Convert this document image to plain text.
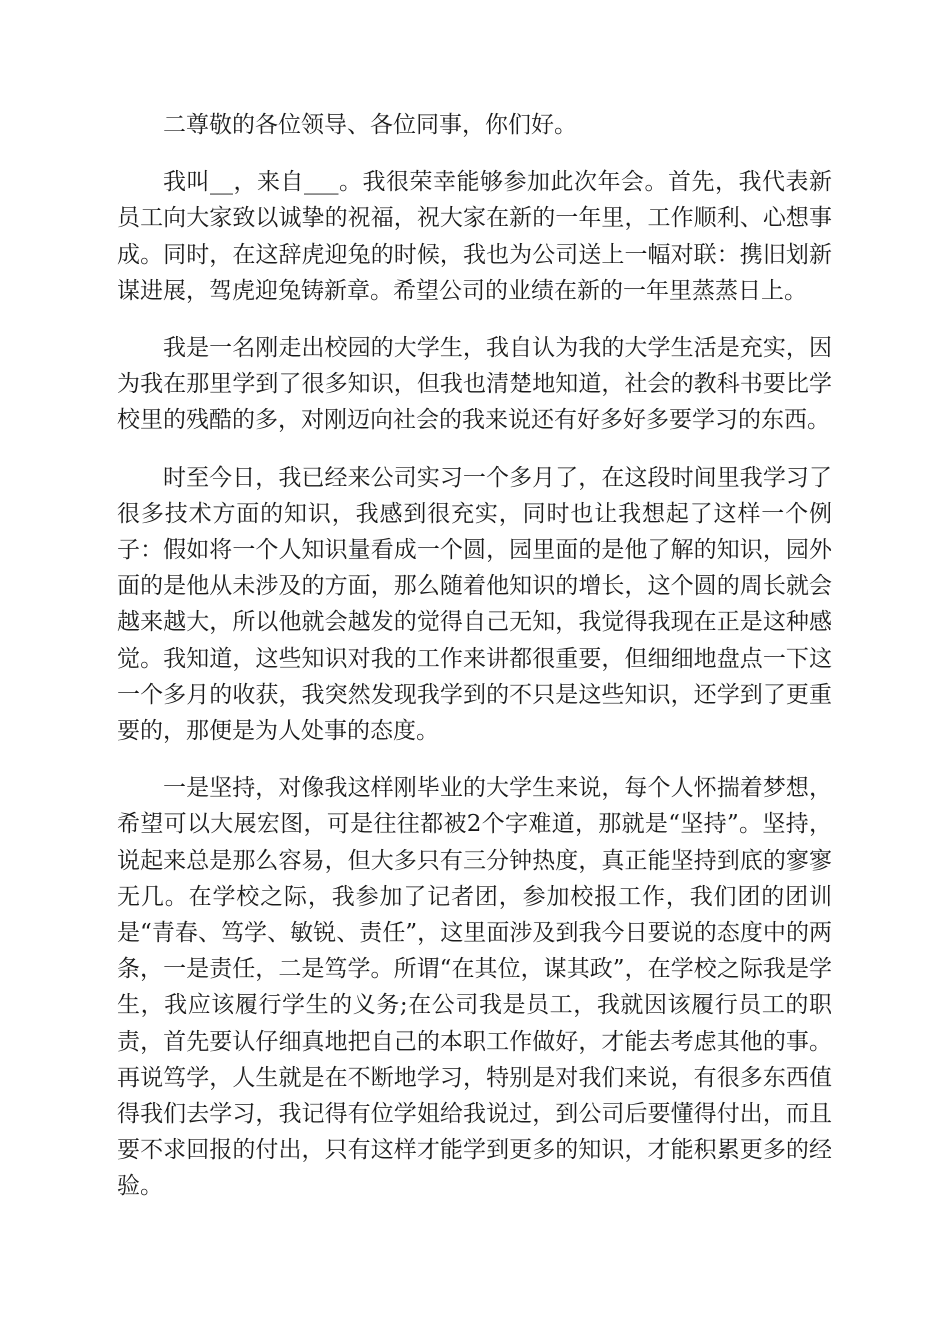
二尊敬的各位领导、各位同事，你们好。

我叫__，来自___。我很荣幸能够参加此次年会。首先，我代表新员工向大家致以诚挚的祝福，祝大家在新的一年里，工作顺利、心想事成。同时，在这辞虎迎兔的时候，我也为公司送上一幅对联：携旧划新谋进展，驾虎迎兔铸新章。希望公司的业绩在新的一年里蒸蒸日上。

我是一名刚走出校园的大学生，我自认为我的大学生活是充实，因为我在那里学到了很多知识，但我也清楚地知道，社会的教科书要比学校里的残酷的多，对刚迈向社会的我来说还有好多好多要学习的东西。

时至今日，我已经来公司实习一个多月了，在这段时间里我学习了很多技术方面的知识，我感到很充实，同时也让我想起了这样一个例子：假如将一个人知识量看成一个圆，园里面的是他了解的知识，园外面的是他从未涉及的方面，那么随着他知识的增长，这个圆的周长就会越来越大，所以他就会越发的觉得自己无知，我觉得我现在正是这种感觉。我知道，这些知识对我的工作来讲都很重要，但细细地盘点一下这一个多月的收获，我突然发现我学到的不只是这些知识，还学到了更重要的，那便是为人处事的态度。

一是坚持，对像我这样刚毕业的大学生来说，每个人怀揣着梦想，希望可以大展宏图，可是往往都被2个字难道，那就是“坚持”。坚持，说起来总是那么容易，但大多只有三分钟热度，真正能坚持到底的寥寥无几。在学校之际，我参加了记者团，参加校报工作，我们团的团训是“青春、笃学、敏锐、责任”，这里面涉及到我今日要说的态度中的两条，一是责任，二是笃学。所谓“在其位，谋其政”，在学校之际我是学生，我应该履行学生的义务;在公司我是员工，我就因该履行员工的职责，首先要认仔细真地把自己的本职工作做好，才能去考虑其他的事。再说笃学，人生就是在不断地学习，特别是对我们来说，有很多东西值得我们去学习，我记得有位学姐给我说过，到公司后要懂得付出，而且要不求回报的付出，只有这样才能学到更多的知识，才能积累更多的经验。
